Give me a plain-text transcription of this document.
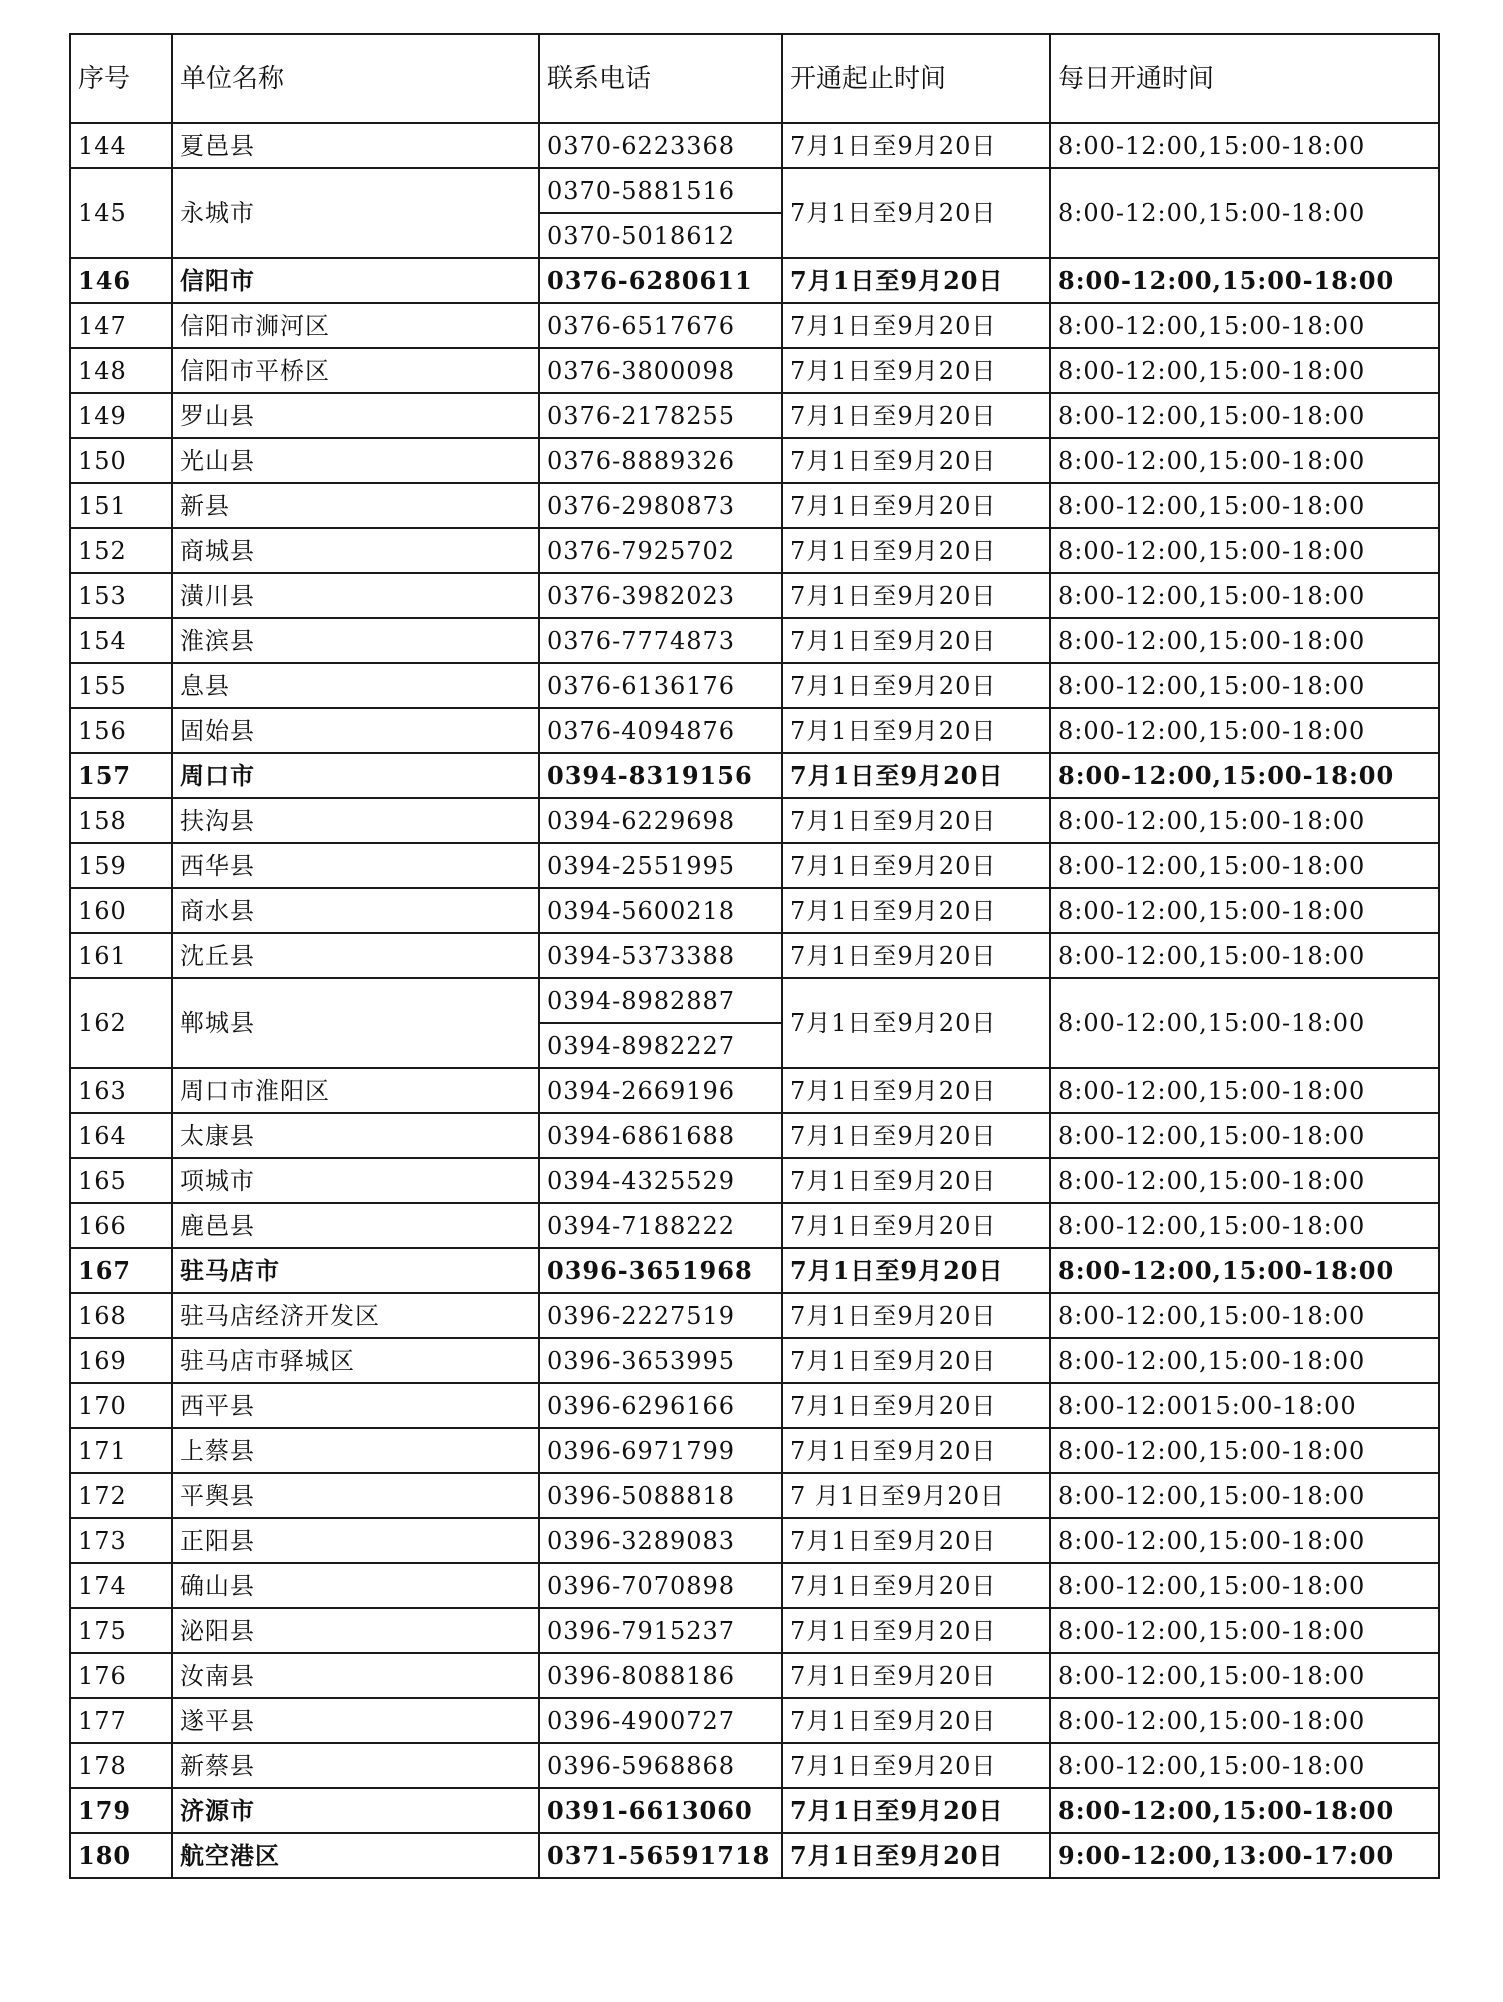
序号	单位名称	联系电话	开通起止时间	每日开通时间
144	夏邑县	0370-6223368	7月1日至9月20日	8:00-12:00,15:00-18:00
145	永城市	0370-5881516	7月1日至9月20日	8:00-12:00,15:00-18:00
		0370-5018612		
146	信阳市	0376-6280611	7月1日至9月20日	8:00-12:00,15:00-18:00
147	信阳市浉河区	0376-6517676	7月1日至9月20日	8:00-12:00,15:00-18:00
148	信阳市平桥区	0376-3800098	7月1日至9月20日	8:00-12:00,15:00-18:00
149	罗山县	0376-2178255	7月1日至9月20日	8:00-12:00,15:00-18:00
150	光山县	0376-8889326	7月1日至9月20日	8:00-12:00,15:00-18:00
151	新县	0376-2980873	7月1日至9月20日	8:00-12:00,15:00-18:00
152	商城县	0376-7925702	7月1日至9月20日	8:00-12:00,15:00-18:00
153	潢川县	0376-3982023	7月1日至9月20日	8:00-12:00,15:00-18:00
154	淮滨县	0376-7774873	7月1日至9月20日	8:00-12:00,15:00-18:00
155	息县	0376-6136176	7月1日至9月20日	8:00-12:00,15:00-18:00
156	固始县	0376-4094876	7月1日至9月20日	8:00-12:00,15:00-18:00
157	周口市	0394-8319156	7月1日至9月20日	8:00-12:00,15:00-18:00
158	扶沟县	0394-6229698	7月1日至9月20日	8:00-12:00,15:00-18:00
159	西华县	0394-2551995	7月1日至9月20日	8:00-12:00,15:00-18:00
160	商水县	0394-5600218	7月1日至9月20日	8:00-12:00,15:00-18:00
161	沈丘县	0394-5373388	7月1日至9月20日	8:00-12:00,15:00-18:00
162	郸城县	0394-8982887	7月1日至9月20日	8:00-12:00,15:00-18:00
		0394-8982227		
163	周口市淮阳区	0394-2669196	7月1日至9月20日	8:00-12:00,15:00-18:00
164	太康县	0394-6861688	7月1日至9月20日	8:00-12:00,15:00-18:00
165	项城市	0394-4325529	7月1日至9月20日	8:00-12:00,15:00-18:00
166	鹿邑县	0394-7188222	7月1日至9月20日	8:00-12:00,15:00-18:00
167	驻马店市	0396-3651968	7月1日至9月20日	8:00-12:00,15:00-18:00
168	驻马店经济开发区	0396-2227519	7月1日至9月20日	8:00-12:00,15:00-18:00
169	驻马店市驿城区	0396-3653995	7月1日至9月20日	8:00-12:00,15:00-18:00
170	西平县	0396-6296166	7月1日至9月20日	8:00-12:0015:00-18:00
171	上蔡县	0396-6971799	7月1日至9月20日	8:00-12:00,15:00-18:00
172	平舆县	0396-5088818	7 月1日至9月20日	8:00-12:00,15:00-18:00
173	正阳县	0396-3289083	7月1日至9月20日	8:00-12:00,15:00-18:00
174	确山县	0396-7070898	7月1日至9月20日	8:00-12:00,15:00-18:00
175	泌阳县	0396-7915237	7月1日至9月20日	8:00-12:00,15:00-18:00
176	汝南县	0396-8088186	7月1日至9月20日	8:00-12:00,15:00-18:00
177	遂平县	0396-4900727	7月1日至9月20日	8:00-12:00,15:00-18:00
178	新蔡县	0396-5968868	7月1日至9月20日	8:00-12:00,15:00-18:00
179	济源市	0391-6613060	7月1日至9月20日	8:00-12:00,15:00-18:00
180	航空港区	0371-56591718	7月1日至9月20日	9:00-12:00,13:00-17:00
